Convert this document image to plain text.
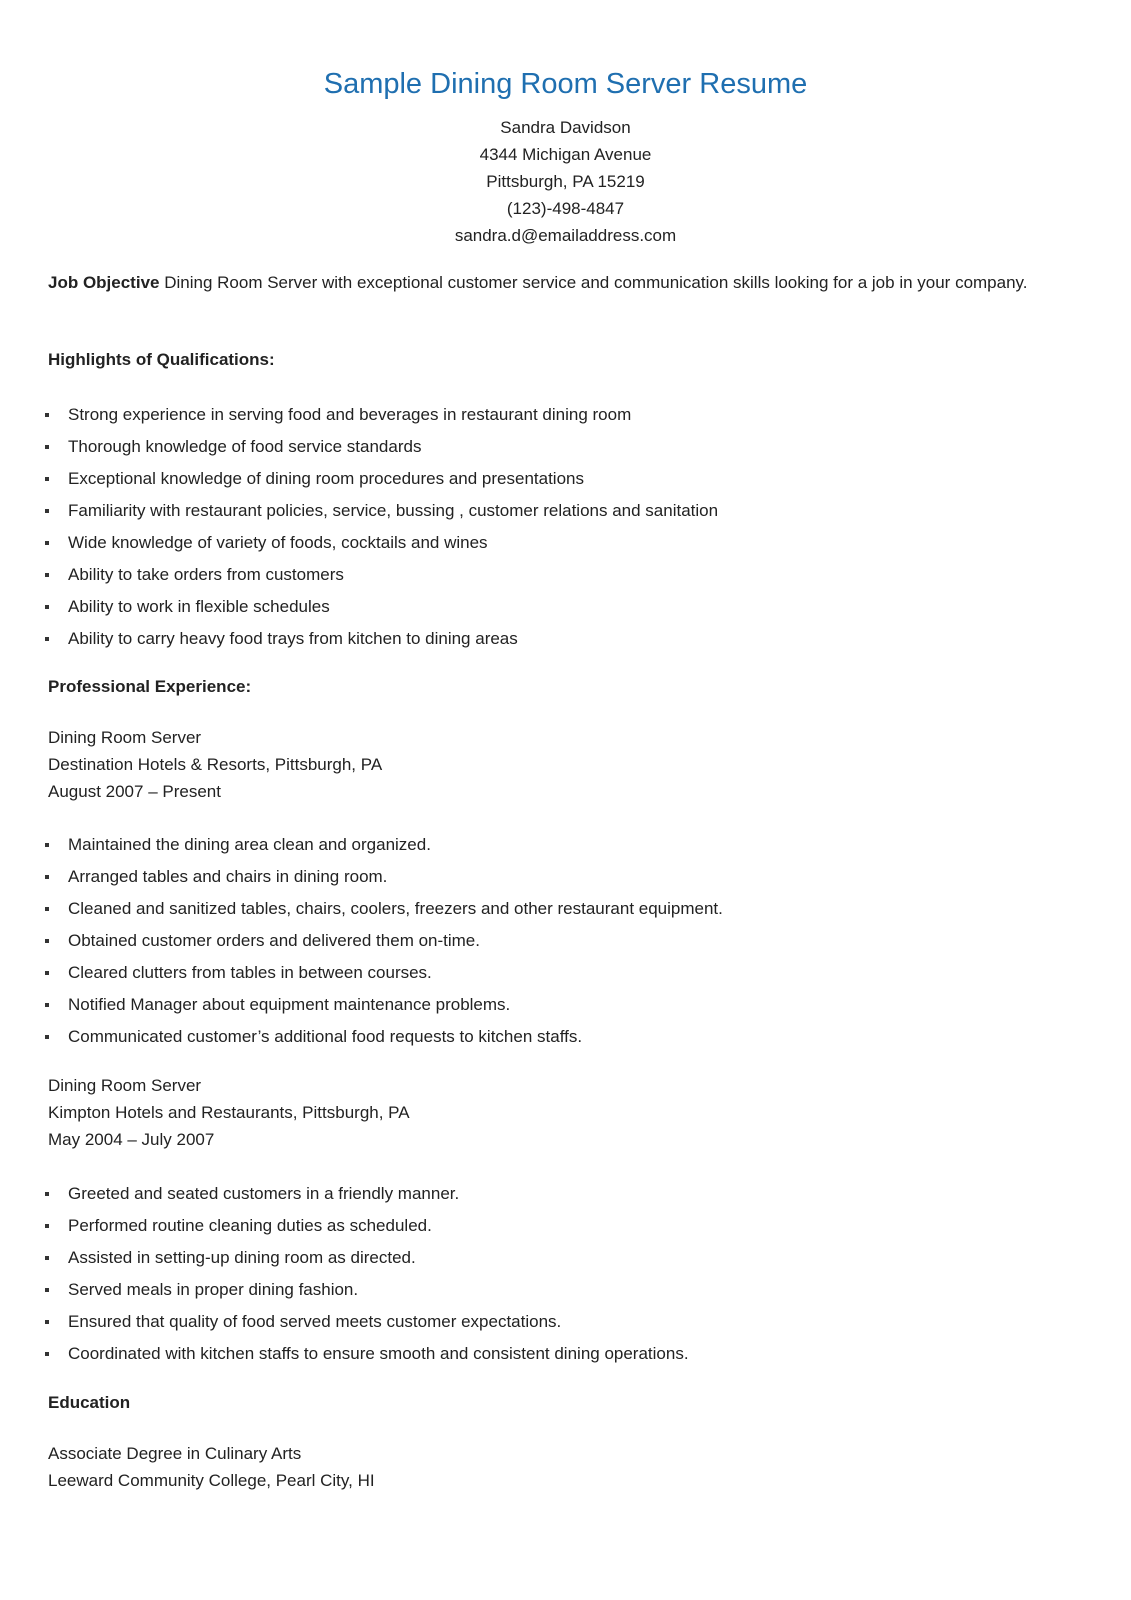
Sample Dining Room Server Resume
Sandra Davidson
4344 Michigan Avenue
Pittsburgh, PA 15219
(123)-498-4847
sandra.d@emailaddress.com
Job Objective Dining Room Server with exceptional customer service and communication skills looking for a job in your company.
Highlights of Qualifications:
Strong experience in serving food and beverages in restaurant dining room
Thorough knowledge of food service standards
Exceptional knowledge of dining room procedures and presentations
Familiarity with restaurant policies, service, bussing , customer relations and sanitation
Wide knowledge of variety of foods, cocktails and wines
Ability to take orders from customers
Ability to work in flexible schedules
Ability to carry heavy food trays from kitchen to dining areas
Professional Experience:
Dining Room Server
Destination Hotels & Resorts, Pittsburgh, PA
August 2007 – Present
Maintained the dining area clean and organized.
Arranged tables and chairs in dining room.
Cleaned and sanitized tables, chairs, coolers, freezers and other restaurant equipment.
Obtained customer orders and delivered them on-time.
Cleared clutters from tables in between courses.
Notified Manager about equipment maintenance problems.
Communicated customer’s additional food requests to kitchen staffs.
Dining Room Server
Kimpton Hotels and Restaurants, Pittsburgh, PA
May 2004 – July 2007
Greeted and seated customers in a friendly manner.
Performed routine cleaning duties as scheduled.
Assisted in setting-up dining room as directed.
Served meals in proper dining fashion.
Ensured that quality of food served meets customer expectations.
Coordinated with kitchen staffs to ensure smooth and consistent dining operations.
Education
Associate Degree in Culinary Arts
Leeward Community College, Pearl City, HI
